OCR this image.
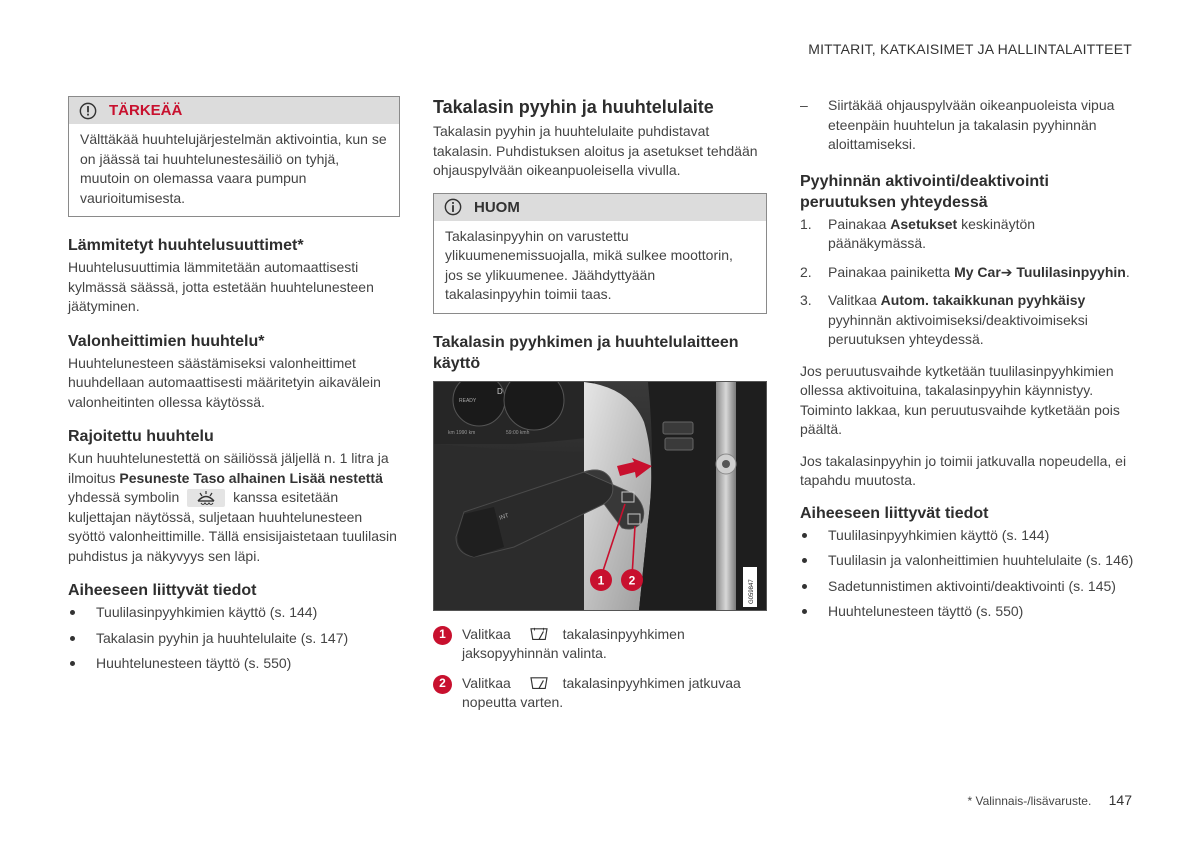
MITTARIT, KATKAISIMET JA HALLINTALAITTEET
TÄRKEÄÄ
Välttäkää huuhtelujärjestelmän aktivointia, kun se on jäässä tai huuhtelunestesäiliö on tyhjä, muutoin on olemassa vaara pumpun vaurioitumisesta.
Lämmitetyt huuhtelusuuttimet*

Huuhtelusuuttimia lämmitetään automaattisesti kylmässä säässä, jotta estetään huuhtelunesteen jäätyminen.

Valonheittimien huuhtelu*

Huuhtelunesteen säästämiseksi valonheittimet huuhdellaan automaattisesti määritetyin aikavälein valonheitinten ollessa käytössä.

Rajoitettu huuhtelu

Kun huuhtelunestettä on säiliössä jäljellä n. 1 litra ja ilmoitus Pesuneste Taso alhainen Lisää nestettä yhdessä symbolin	kanssa esitetään kuljettajan näytössä, suljetaan huuhtelunesteen syöttö valonheittimille. Tällä ensisijaistetaan tuulilasin puhdistus ja näkyvyys sen läpi.

Aiheeseen liittyvät tiedot
Tuulilasinpyyhkimien käyttö (s. 144)
Takalasin pyyhin ja huuhtelulaite (s. 147)
Huuhtelunesteen täyttö (s. 550)
Takalasin pyyhin ja huuhtelulaite

Takalasin pyyhin ja huuhtelulaite puhdistavat takalasin. Puhdistuksen aloitus ja asetukset tehdään ohjauspylvään oikeanpuoleisella vivulla.

HUOM
Takalasinpyyhin on varustettu ylikuumenemissuojalla, mikä sulkee moottorin, jos se ylikuumenee. Jäähdyttyään takalasinpyyhin toimii taas.
Takalasin pyyhkimen ja huuhtelulaitteen käyttö
READY
D
km 1990 km	59:00 kmh
INT
1 2	G059847
1	Valitkaa	takalasinpyyhkimen jaksopyyhinnän valinta.
2	Valitkaa	takalasinpyyhkimen jatkuvaa nopeutta varten.
–	Siirtäkää ohjauspylvään oikeanpuoleista vipua eteenpäin huuhtelun ja takalasin pyyhinnän aloittamiseksi.
Pyyhinnän aktivointi/deaktivointi peruutuksen yhteydessä
1.	Painakaa Asetukset keskinäytön päänäkymässä.
2.	Painakaa painiketta My Car➔ Tuulilasinpyyhin.
3.	Valitkaa Autom. takaikkunan pyyhkäisy pyyhinnän aktivoimiseksi/deaktivoimiseksi peruutuksen yhteydessä.

Jos peruutusvaihde kytketään tuulilasinpyyhkimien ollessa aktivoituina, takalasinpyyhin käynnistyy. Toiminto lakkaa, kun peruutusvaihde kytketään pois päältä.

Jos takalasinpyyhin jo toimii jatkuvalla nopeudella, ei tapahdu muutosta.

Aiheeseen liittyvät tiedot
Tuulilasinpyyhkimien käyttö (s. 144)
Tuulilasin ja valonheittimien huuhtelulaite (s. 146)
Sadetunnistimen aktivointi/deaktivointi (s. 145)
Huuhtelunesteen täyttö (s. 550)
* Valinnais-/lisävaruste. 147
